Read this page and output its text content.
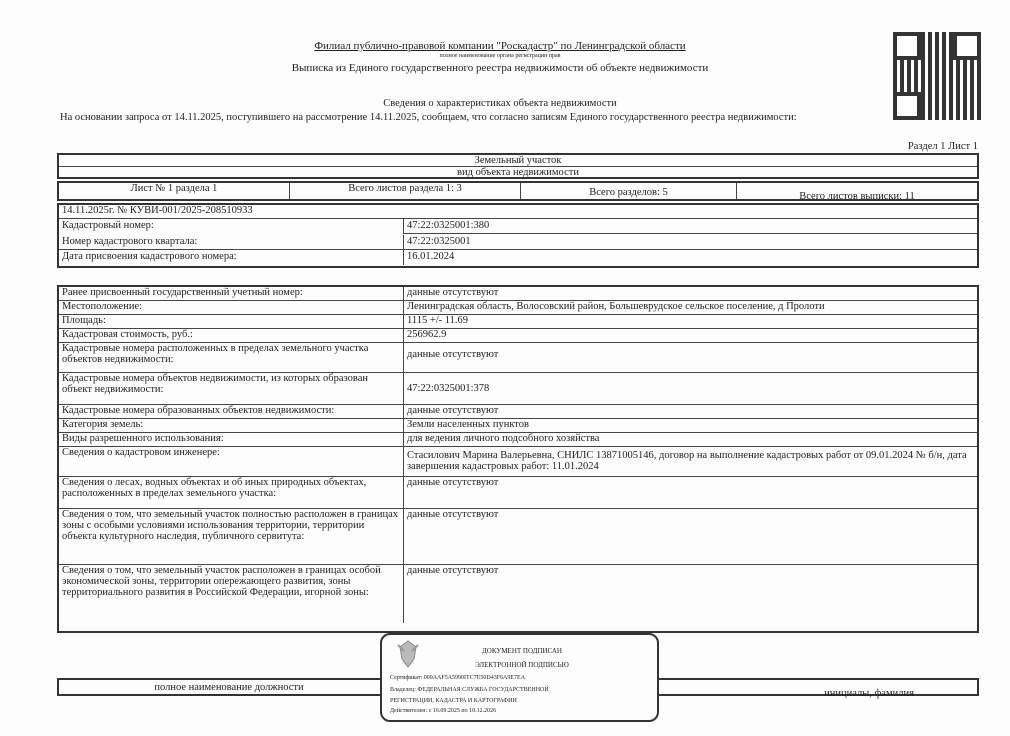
Филиал публично-правовой компании "Роскадастр" по Ленинградской области
полное наименование органа регистрации прав
Выписка из Единого государственного реестра недвижимости об объекте недвижимости
Сведения о характеристиках объекта недвижимости
На основании запроса от 14.11.2025, поступившего на рассмотрение 14.11.2025, сообщаем, что согласно записям Единого государственного реестра недвижимости:
Раздел 1 Лист 1
Земельный участок
вид объекта недвижимости
Лист № 1 раздела 1	Всего листов раздела 1: 3	Всего разделов: 5	Всего листов выписки: 11
14.11.2025г. № КУВИ-001/2025-208510933
Кадастровый номер:	47:22:0325001:380
Номер кадастрового квартала:	47:22:0325001
Дата присвоения кадастрового номера:	16.01.2024
Ранее присвоенный государственный учетный номер:	данные отсутствуют
Местоположение:	Ленинградская область, Волосовский район, Большеврудское сельское поселение, д Пролоти
Площадь:	1115 +/- 11.69
Кадастровая стоимость, руб.:	256962.9
Кадастровые номера расположенных в пределах земельного участка объектов недвижимости:	данные отсутствуют
Кадастровые номера объектов недвижимости, из которых образован объект недвижимости:	47:22:0325001:378
Кадастровые номера образованных объектов недвижимости:	данные отсутствуют
Категория земель:	Земли населенных пунктов
Виды разрешенного использования:	для ведения личного подсобного хозяйства
Сведения о кадастровом инженере:	Стасилович Марина Валерьевна, СНИЛС 13871005146, договор на выполнение кадастровых работ от 09.01.2024 № б/н, дата завершения кадастровых работ: 11.01.2024
Сведения о лесах, водных объектах и об иных природных объектах, расположенных в пределах земельного участка:
данные отсутствуют
Сведения о том, что земельный участок полностью расположен в границах зоны с особыми условиями использования территории, территории объекта культурного наследия, публичного сервитута:
данные отсутствуют
Сведения о том, что земельный участок расположен в границах особой экономической зоны, территории опережающего развития, зоны территориального развития в Российской Федерации, игорной зоны:
данные отсутствуют
полное наименование должности
инициалы, фамилия
ДОКУМЕНТ ПОДПИСАН
ЭЛЕКТРОННОЙ ПОДПИСЬЮ
Сертификат: 009AAF5A5990ITC7E50D43F6A9E7EA
Владелец: ФЕДЕРАЛЬНАЯ СЛУЖБА ГОСУДАРСТВЕННОЙ
РЕГИСТРАЦИИ, КАДАСТРА И КАРТОГРАФИИ
Действителен: с 16.09.2025 по 10.12.2026
